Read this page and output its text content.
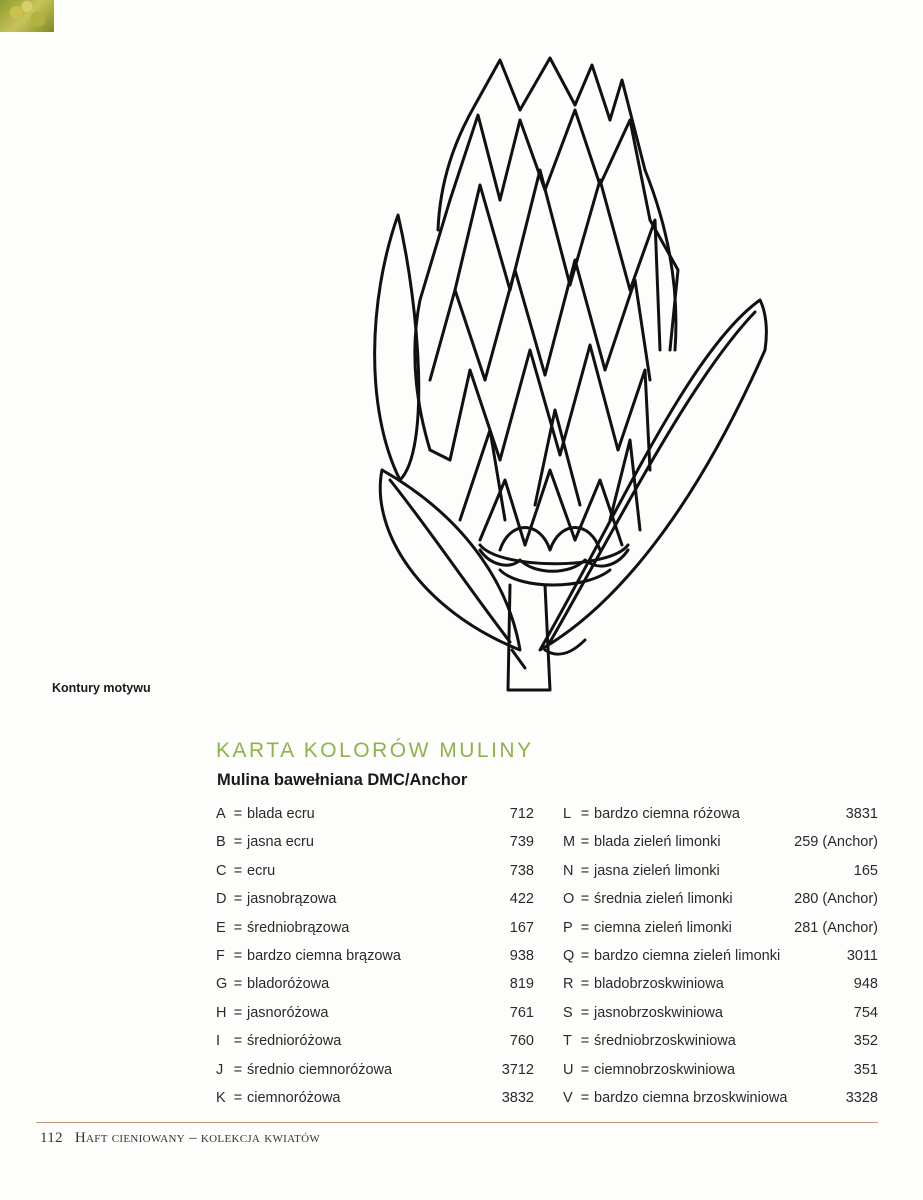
Kontury motywu
KARTA KOLORÓW MULINY
Mulina bawełniana DMC/Anchor
A = blada ecru	712
B = jasna ecru	739
C = ecru	738
D = jasnobrązowa	422
E = średniobrązowa	167
F = bardzo ciemna brązowa	938
G = bladoróżowa	819
H = jasnoróżowa	761
I = średnioróżowa	760
J = średnio ciemnoróżowa	3712
K = ciemnoróżowa	3832
L = bardzo ciemna różowa	3831
M = blada zieleń limonki	259 (Anchor)
N = jasna zieleń limonki	165
O = średnia zieleń limonki	280 (Anchor)
P = ciemna zieleń limonki	281 (Anchor)
Q = bardzo ciemna zieleń limonki	3011
R = bladobrzoskwiniowa	948
S = jasnobrzoskwiniowa	754
T = średniobrzoskwiniowa	352
U = ciemnobrzoskwiniowa	351
V = bardzo ciemna brzoskwiniowa	3328
112 Haft cieniowany – kolekcja kwiatów
